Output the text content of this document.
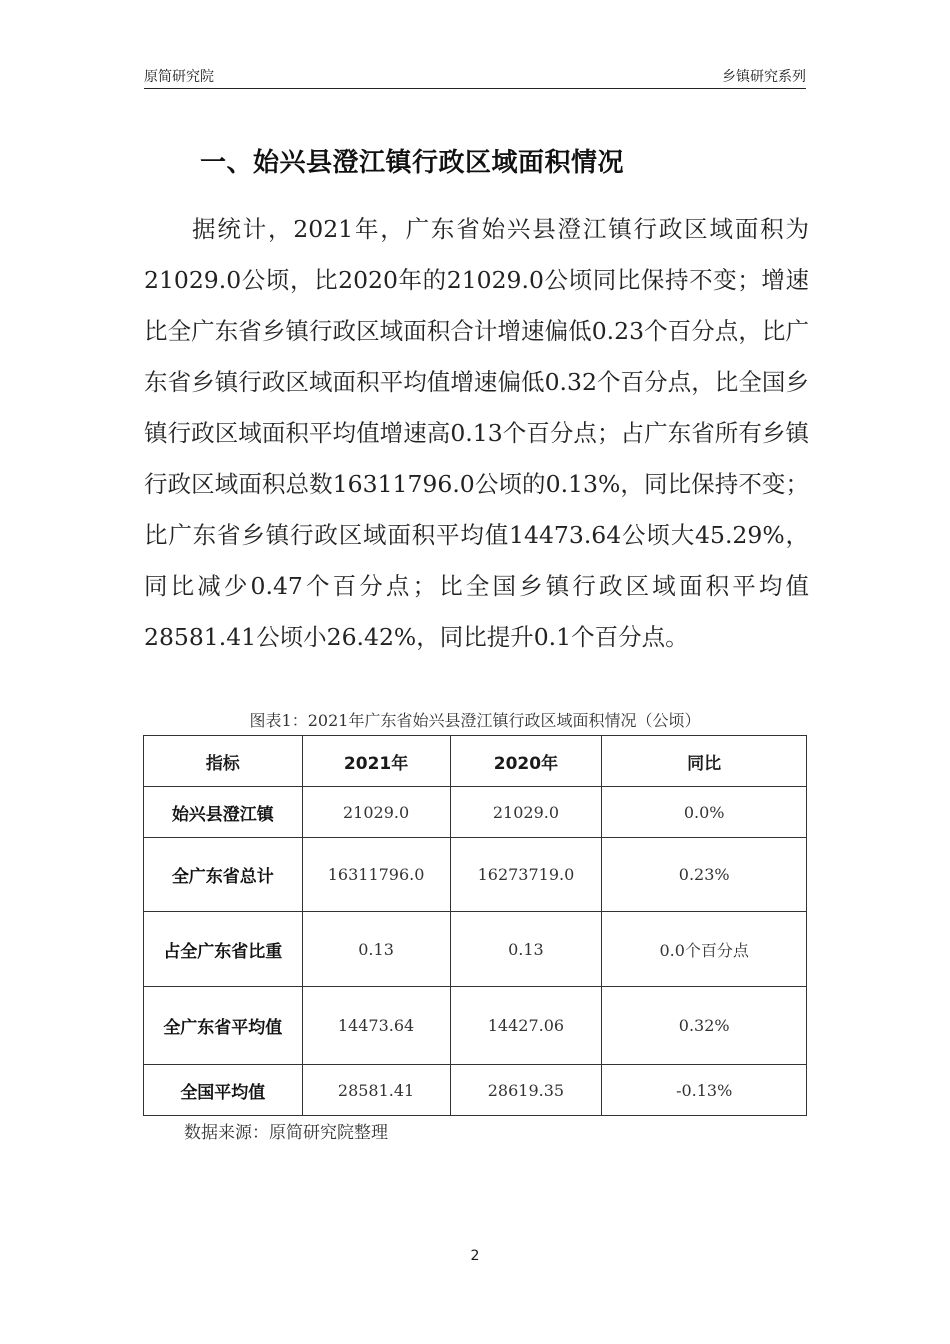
原简研究院	乡镇研究系列
一、始兴县澄江镇行政区域面积情况
据统计，2021年，广东省始兴县澄江镇行政区域面积为21029.0公顷，比2020年的21029.0公顷同比保持不变；增速比全广东省乡镇行政区域面积合计增速偏低0.23个百分点，比广东省乡镇行政区域面积平均值增速偏低0.32个百分点，比全国乡镇行政区域面积平均值增速高0.13个百分点；占广东省所有乡镇行政区域面积总数16311796.0公顷的0.13%，同比保持不变；比广东省乡镇行政区域面积平均值14473.64公顷大45.29%，同比减少0.47个百分点；比全国乡镇行政区域面积平均值28581.41公顷小26.42%，同比提升0.1个百分点。
图表1：2021年广东省始兴县澄江镇行政区域面积情况（公顷）
指标	2021年	2020年	同比
始兴县澄江镇	21029.0	21029.0	0.0%
全广东省总计	16311796.0	16273719.0	0.23%
占全广东省比重	0.13	0.13	0.0个百分点
全广东省平均值	14473.64	14427.06	0.32%
全国平均值	28581.41	28619.35	-0.13%
数据来源：原简研究院整理
2
